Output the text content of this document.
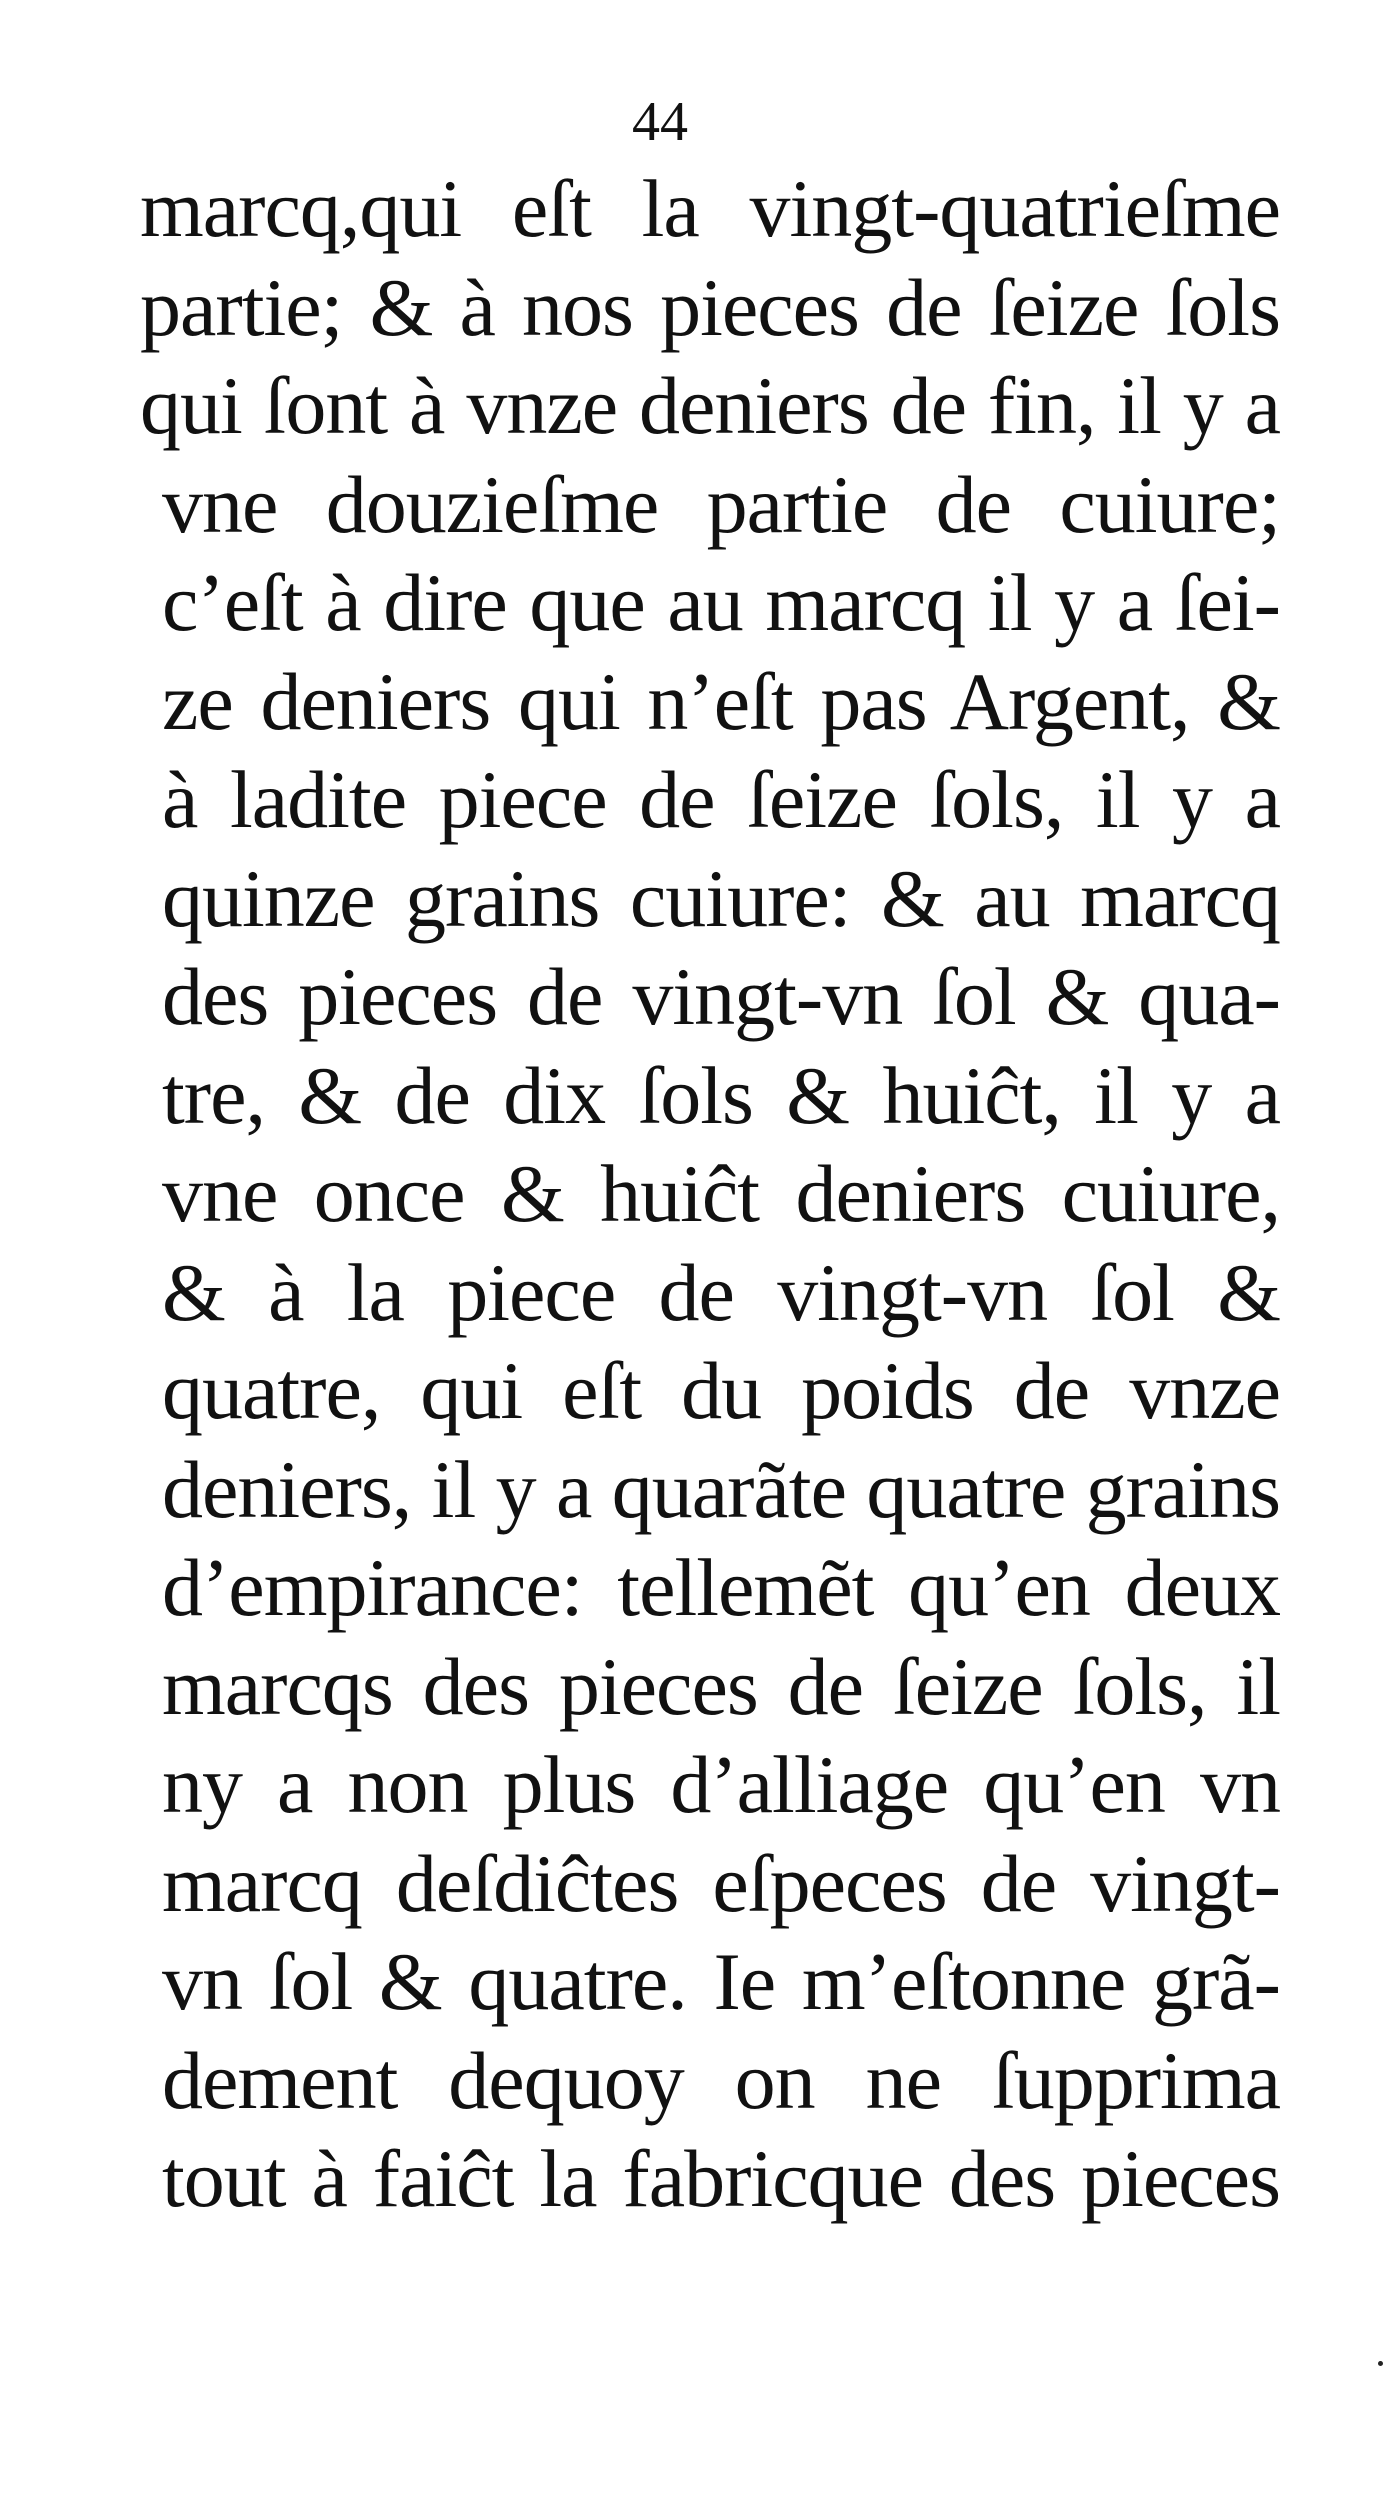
44
marcq,qui eſt la vingt-quatrieſme
partie; & à nos pieces de ſeize ſols
qui ſont à vnze deniers de fin, il y a
vne douzieſme partie de cuiure;
c’eſt à dire que au marcq il y a ſei-
ze deniers qui n’eſt pas Argent, &
à ladite piece de ſeize ſols, il y a
quinze grains cuiure: & au marcq
des pieces de vingt-vn ſol & qua-
tre, & de dix ſols & huiĉt, il y a
vne once & huiĉt deniers cuiure,
& à la piece de vingt-vn ſol &
quatre, qui eſt du poids de vnze
deniers, il y a quarãte quatre grains
d’empirance: tellemẽt qu’en deux
marcqs des pieces de ſeize ſols, il
ny a non plus d’alliage qu’en vn
marcq deſdiĉtes eſpeces de vingt-
vn ſol & quatre. Ie m’eſtonne grã-
dement dequoy on ne ſupprima
tout à faiĉt la fabricque des pieces
